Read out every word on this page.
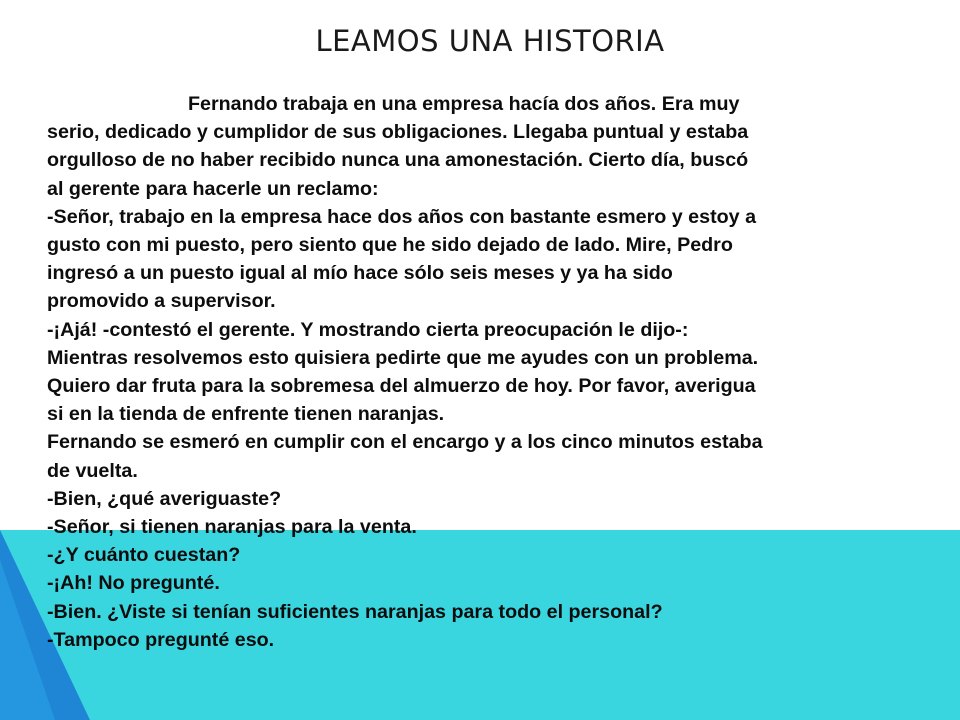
LEAMOS UNA HISTORIA
Fernando trabaja en una empresa hacía dos años. Era muy
serio, dedicado y cumplidor de sus obligaciones. Llegaba puntual y estaba
orgulloso de no haber recibido nunca una amonestación. Cierto día, buscó
al gerente para hacerle un reclamo:
-Señor, trabajo en la empresa hace dos años con bastante esmero y estoy a
gusto con mi puesto, pero siento que he sido dejado de lado. Mire, Pedro
ingresó a un puesto igual al mío hace sólo seis meses y ya ha sido
promovido a supervisor.
-¡Ajá! -contestó el gerente. Y mostrando cierta preocupación le dijo-:
Mientras resolvemos esto quisiera pedirte que me ayudes con un problema.
Quiero dar fruta para la sobremesa del almuerzo de hoy. Por favor, averigua
si en la tienda de enfrente tienen naranjas.
Fernando se esmeró en cumplir con el encargo y a los cinco minutos estaba
de vuelta.
-Bien, ¿qué averiguaste?
-Señor, si tienen naranjas para la venta.
-¿Y cuánto cuestan?
-¡Ah! No pregunté.
-Bien. ¿Viste si tenían suficientes naranjas para todo el personal?
-Tampoco pregunté eso.
